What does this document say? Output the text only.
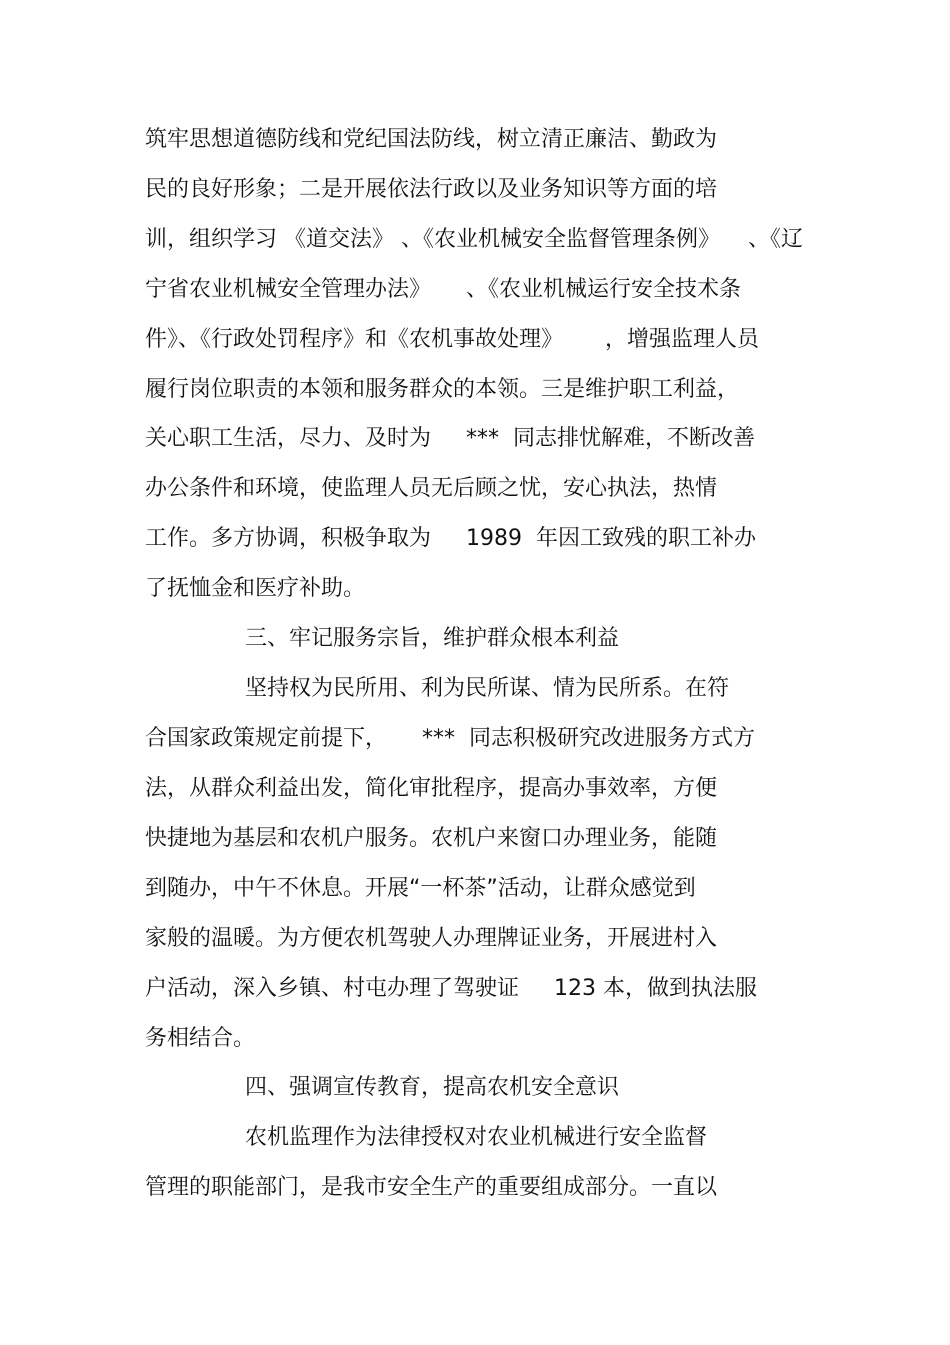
筑牢思想道德防线和党纪国法防线，树立清正廉洁、勤政为

民的良好形象；二是开展依法行政以及业务知识等方面的培

训，组织学习 《道交法》 、《农业机械安全监督管理条例》    、《辽

宁省农业机械安全管理办法》     、《农业机械运行安全技术条

件》、《行政处罚程序》和《农机事故处理》      ，增强监理人员

履行岗位职责的本领和服务群众的本领。三是维护职工利益，

关心职工生活，尽力、及时为     ***  同志排忧解难，不断改善

办公条件和环境，使监理人员无后顾之忧，安心执法，热情

工作。多方协调，积极争取为     1989  年因工致残的职工补办

了抚恤金和医疗补助。

三、牢记服务宗旨，维护群众根本利益

坚持权为民所用、利为民所谋、情为民所系。在符

合国家政策规定前提下，     ***  同志积极研究改进服务方式方

法，从群众利益出发，简化审批程序，提高办事效率，方便

快捷地为基层和农机户服务。农机户来窗口办理业务，能随

到随办，中午不休息。开展“一杯茶”活动，让群众感觉到

家般的温暖。为方便农机驾驶人办理牌证业务，开展进村入

户活动，深入乡镇、村屯办理了驾驶证     123 本，做到执法服

务相结合。

四、强调宣传教育，提高农机安全意识

农机监理作为法律授权对农业机械进行安全监督

管理的职能部门，是我市安全生产的重要组成部分。一直以
